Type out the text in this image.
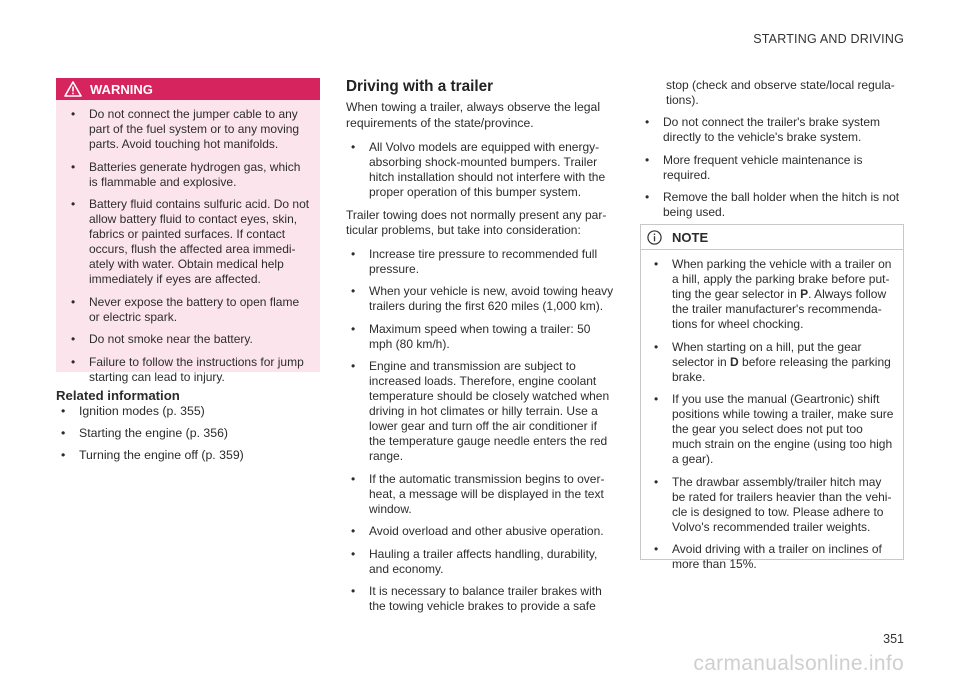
STARTING AND DRIVING
WARNING
• Do not connect the jumper cable to any part of the fuel system or to any moving parts. Avoid touching hot manifolds.
• Batteries generate hydrogen gas, which is flammable and explosive.
• Battery fluid contains sulfuric acid. Do not allow battery fluid to contact eyes, skin, fabrics or painted surfaces. If contact occurs, flush the affected area immedi-ately with water. Obtain medical help immediately if eyes are affected.
• Never expose the battery to open flame or electric spark.
• Do not smoke near the battery.
• Failure to follow the instructions for jump starting can lead to injury.
Related information
• Ignition modes (p. 355)
• Starting the engine (p. 356)
• Turning the engine off (p. 359)
Driving with a trailer

When towing a trailer, always observe the legal requirements of the state/province.

• All Volvo models are equipped with energy-absorbing shock-mounted bumpers. Trailer hitch installation should not interfere with the proper operation of this bumper system.

Trailer towing does not normally present any par-ticular problems, but take into consideration:

• Increase tire pressure to recommended full pressure.
• When your vehicle is new, avoid towing heavy trailers during the first 620 miles (1,000 km).
• Maximum speed when towing a trailer: 50 mph (80 km/h).
• Engine and transmission are subject to increased loads. Therefore, engine coolant temperature should be closely watched when driving in hot climates or hilly terrain. Use a lower gear and turn off the air conditioner if the temperature gauge needle enters the red range.
• If the automatic transmission begins to over-heat, a message will be displayed in the text window.
• Avoid overload and other abusive operation.
• Hauling a trailer affects handling, durability, and economy.
• It is necessary to balance trailer brakes with the towing vehicle brakes to provide a safe

stop (check and observe state/local regula-tions).

• Do not connect the trailer's brake system directly to the vehicle's brake system.
• More frequent vehicle maintenance is required.
• Remove the ball holder when the hitch is not being used.
NOTE
• When parking the vehicle with a trailer on a hill, apply the parking brake before put-ting the gear selector in P. Always follow the trailer manufacturer's recommenda-tions for wheel chocking.
• When starting on a hill, put the gear selector in D before releasing the parking brake.
• If you use the manual (Geartronic) shift positions while towing a trailer, make sure the gear you select does not put too much strain on the engine (using too high a gear).
• The drawbar assembly/trailer hitch may be rated for trailers heavier than the vehi-cle is designed to tow. Please adhere to Volvo's recommended trailer weights.
• Avoid driving with a trailer on inclines of more than 15%.
351
carmanualsonline.info
